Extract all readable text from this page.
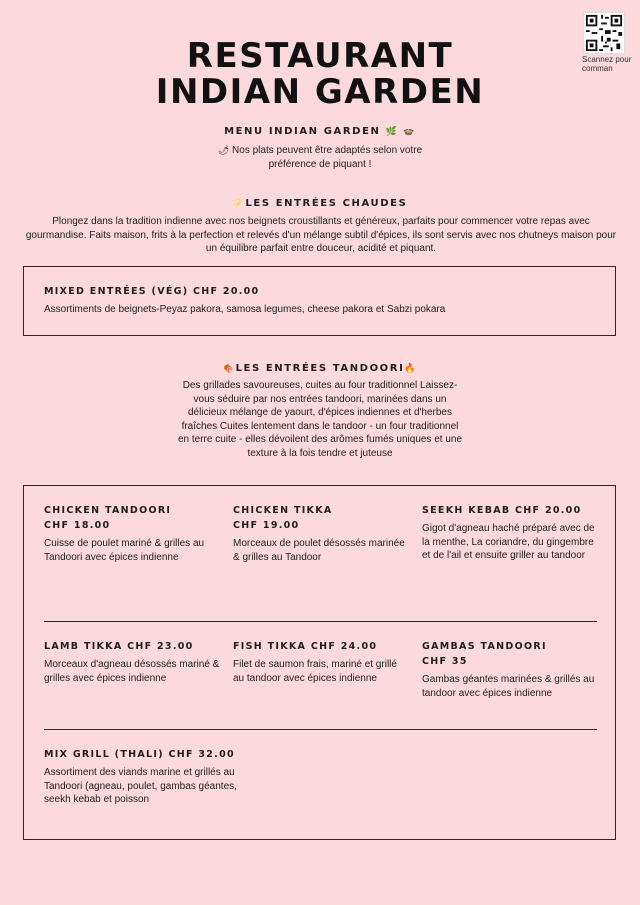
Scannez pour comman
RESTAURANT
INDIAN GARDEN
MENU INDIAN GARDEN 🌿 🍲
🌶 Nos plats peuvent être adaptés selon votre préférence de piquant !
🥟LES ENTRÉES CHAUDES
Plongez dans la tradition indienne avec nos beignets croustillants et généreux, parfaits pour commencer votre repas avec gourmandise. Faits maison, frits à la perfection et relevés d'un mélange subtil d'épices, ils sont servis avec nos chutneys maison pour un équilibre parfait entre douceur, acidité et piquant.
MIXED ENTRÉES (VÉG) CHF 20.00
Assortiments de beignets-Peyaz pakora, samosa legumes, cheese pakora et Sabzi pokara
🍖LES ENTRÉES TANDOORI🔥
Des grillades savoureuses, cuites au four traditionnel Laissez-vous séduire par nos entrées tandoori, marinées dans un délicieux mélange de yaourt, d'épices indiennes et d'herbes fraîches Cuites lentement dans le tandoor - un four traditionnel en terre cuite - elles dévoilent des arômes fumés uniques et une texture à la fois tendre et juteuse
CHICKEN TANDOORI
CHF 18.00
Cuisse de poulet mariné & grilles au
Tandoori avec épices indienne
CHICKEN TIKKA
CHF 19.00
Morceaux de poulet désossés marinée
& grilles au Tandoor
SEEKH KEBAB CHF 20.00
Gigot d'agneau haché préparé avec de
la menthe, La coriandre, du gingembre
et de l'ail et ensuite griller au tandoor
LAMB TIKKA CHF 23.00
Morceaux d'agneau désossés mariné &
grilles avec épices indienne
FISH TIKKA CHF 24.00
Filet de saumon frais, mariné et grillé
au tandoor avec épices indienne
GAMBAS TANDOORI
CHF 35
Gambas géantes marinées & grillés au
tandoor avec épices indienne
MIX GRILL (THALI) CHF 32.00
Assortiment des viands marine et grillés au Tandoori (agneau, poulet, gambas géantes, seekh kebab et poisson
